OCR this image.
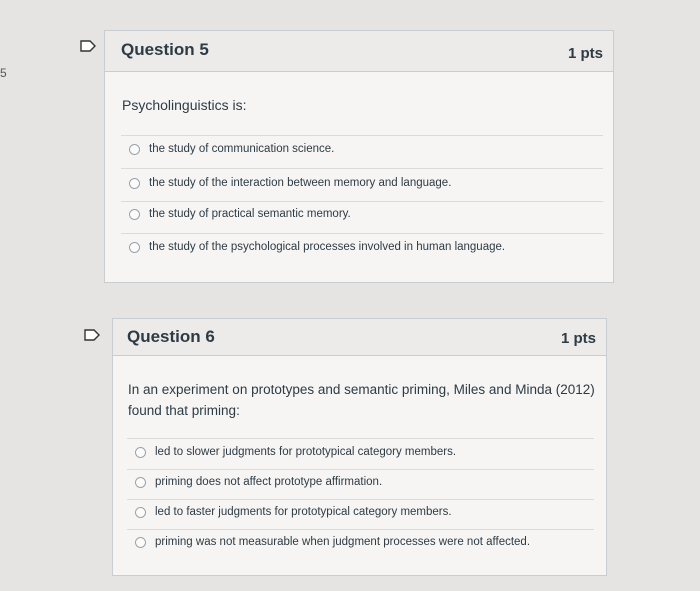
5
Question 5	1 pts
Psycholinguistics is:
the study of communication science.
the study of the interaction between memory and language.
the study of practical semantic memory.
the study of the psychological processes involved in human language.
Question 6	1 pts
In an experiment on prototypes and semantic priming, Miles and Minda (2012)
found that priming:
led to slower judgments for prototypical category members.
priming does not affect prototype affirmation.
led to faster judgments for prototypical category members.
priming was not measurable when judgment processes were not affected.
